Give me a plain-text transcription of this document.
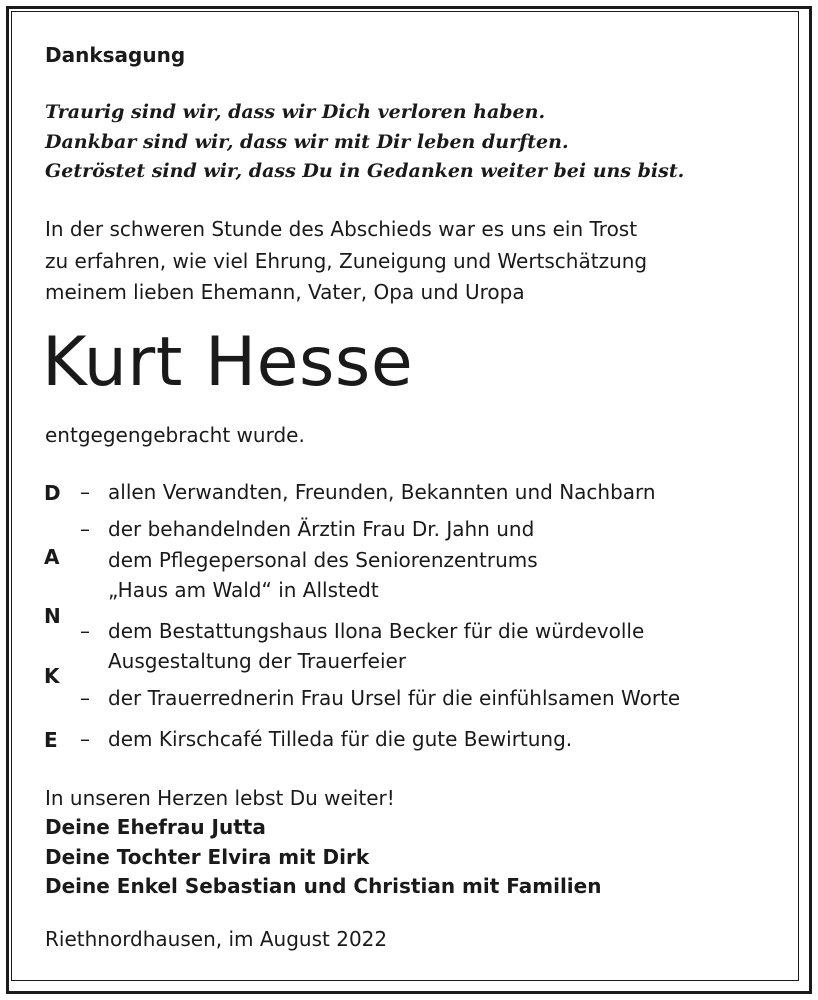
Danksagung
Traurig sind wir, dass wir Dich verloren haben.
Dankbar sind wir, dass wir mit Dir leben durften.
Getröstet sind wir, dass Du in Gedanken weiter bei uns bist.
In der schweren Stunde des Abschieds war es uns ein Trost
zu erfahren, wie viel Ehrung, Zuneigung und Wertschätzung
meinem lieben Ehemann, Vater, Opa und Uropa
Kurt Hesse
entgegengebracht wurde.
D
A
N
K
E
–
–
–
–
–
allen Verwandten, Freunden, Bekannten und Nachbarn
der behandelnden Ärztin Frau Dr. Jahn und
dem Pflegepersonal des Seniorenzentrums
„Haus am Wald“ in Allstedt
dem Bestattungshaus Ilona Becker für die würdevolle
Ausgestaltung der Trauerfeier
der Trauerrednerin Frau Ursel für die einfühlsamen Worte
dem Kirschcafé Tilleda für die gute Bewirtung.
In unseren Herzen lebst Du weiter!
Deine Ehefrau Jutta
Deine Tochter Elvira mit Dirk
Deine Enkel Sebastian und Christian mit Familien
Riethnordhausen, im August 2022
